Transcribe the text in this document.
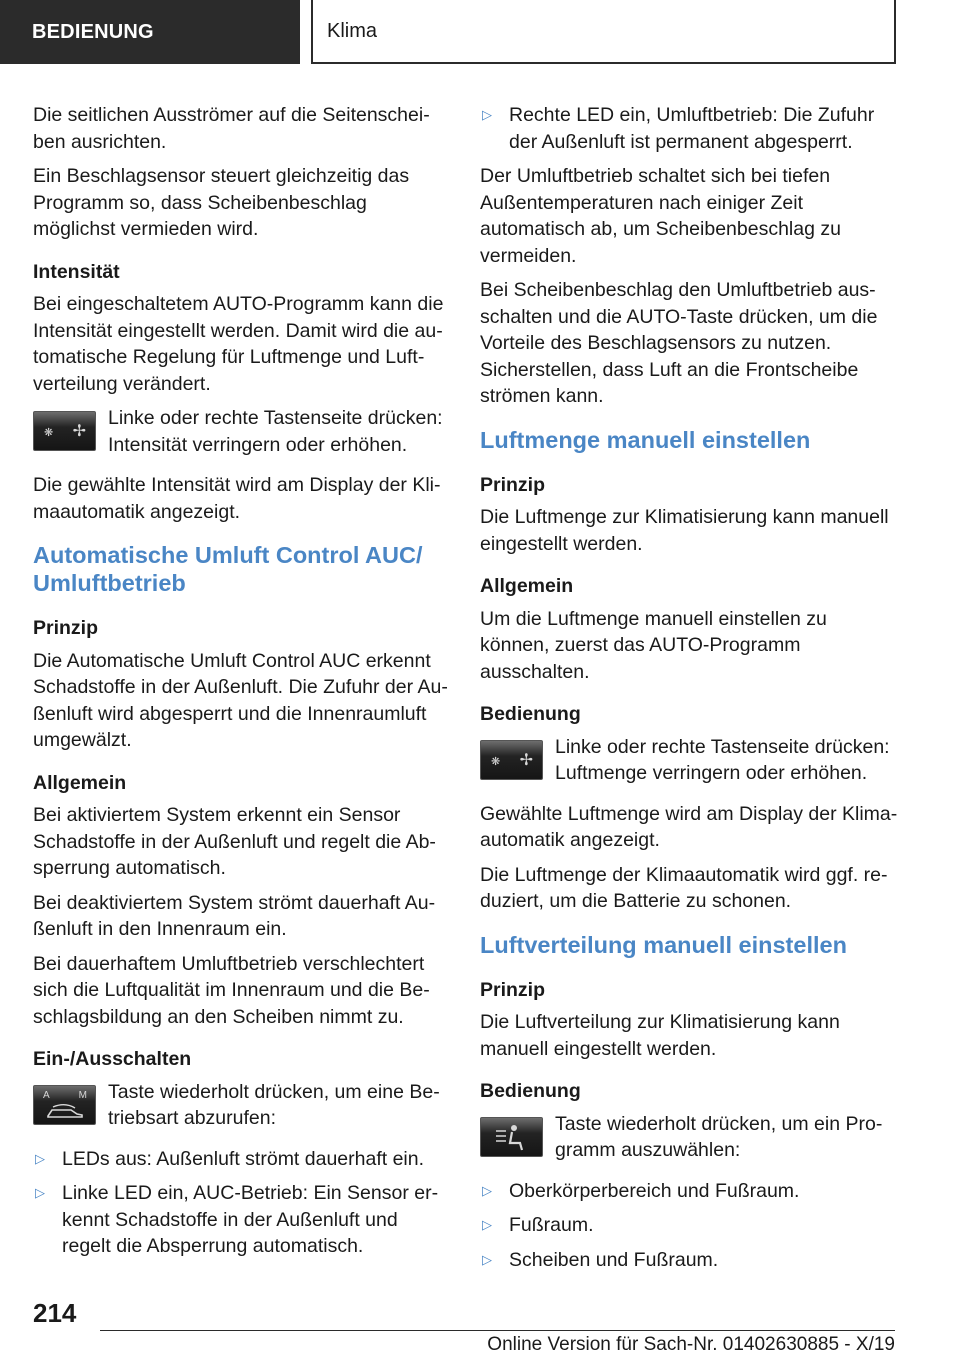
BEDIENUNG	Klima

Die seitlichen Ausströmer auf die Seitenscheiben ausrichten.

Ein Beschlagsensor steuert gleichzeitig das Programm so, dass Scheibenbeschlag möglichst vermieden wird.

Intensität

Bei eingeschaltetem AUTO-Programm kann die Intensität eingestellt werden. Damit wird die automatische Regelung für Luftmenge und Luftverteilung verändert.

❋ ✢
Linke oder rechte Tastenseite drücken: Intensität verringern oder erhöhen.

Die gewählte Intensität wird am Display der Klimaautomatik angezeigt.

Automatische Umluft Control AUC/ Umluftbetrieb
Prinzip

Die Automatische Umluft Control AUC erkennt Schadstoffe in der Außenluft. Die Zufuhr der Außenluft wird abgesperrt und die Innenraumluft umgewälzt.

Allgemein

Bei aktiviertem System erkennt ein Sensor Schadstoffe in der Außenluft und regelt die Absperrung automatisch.

Bei deaktiviertem System strömt dauerhaft Außenluft in den Innenraum ein.

Bei dauerhaftem Umluftbetrieb verschlechtert sich die Luftqualität im Innenraum und die Beschlagsbildung an den Scheiben nimmt zu.

Ein-/Ausschalten
A	M Taste wiederholt drücken, um eine Betriebsart abzurufen:
▷ LEDs aus: Außenluft strömt dauerhaft ein.
▷ Linke LED ein, AUC-Betrieb: Ein Sensor erkennt Schadstoffe in der Außenluft und regelt die Absperrung automatisch.
▷ Rechte LED ein, Umluftbetrieb: Die Zufuhr der Außenluft ist permanent abgesperrt.

Der Umluftbetrieb schaltet sich bei tiefen Außentemperaturen nach einiger Zeit automatisch ab, um Scheibenbeschlag zu vermeiden.

Bei Scheibenbeschlag den Umluftbetrieb ausschalten und die AUTO-Taste drücken, um die Vorteile des Beschlagsensors zu nutzen. Sicherstellen, dass Luft an die Frontscheibe strömen kann.

Luftmenge manuell einstellen
Prinzip

Die Luftmenge zur Klimatisierung kann manuell eingestellt werden.

Allgemein

Um die Luftmenge manuell einstellen zu können, zuerst das AUTO-Programm ausschalten.

Bedienung
❋ ✢
Linke oder rechte Tastenseite drücken: Luftmenge verringern oder erhöhen.

Gewählte Luftmenge wird am Display der Klimaautomatik angezeigt.

Die Luftmenge der Klimaautomatik wird ggf. reduziert, um die Batterie zu schonen.

Luftverteilung manuell einstellen
Prinzip

Die Luftverteilung zur Klimatisierung kann manuell eingestellt werden.

Bedienung
Taste wiederholt drücken, um ein Programm auszuwählen:
▷ Oberkörperbereich und Fußraum.
▷ Fußraum.
▷ Scheiben und Fußraum.
214
Online Version für Sach-Nr. 01402630885 - X/19
